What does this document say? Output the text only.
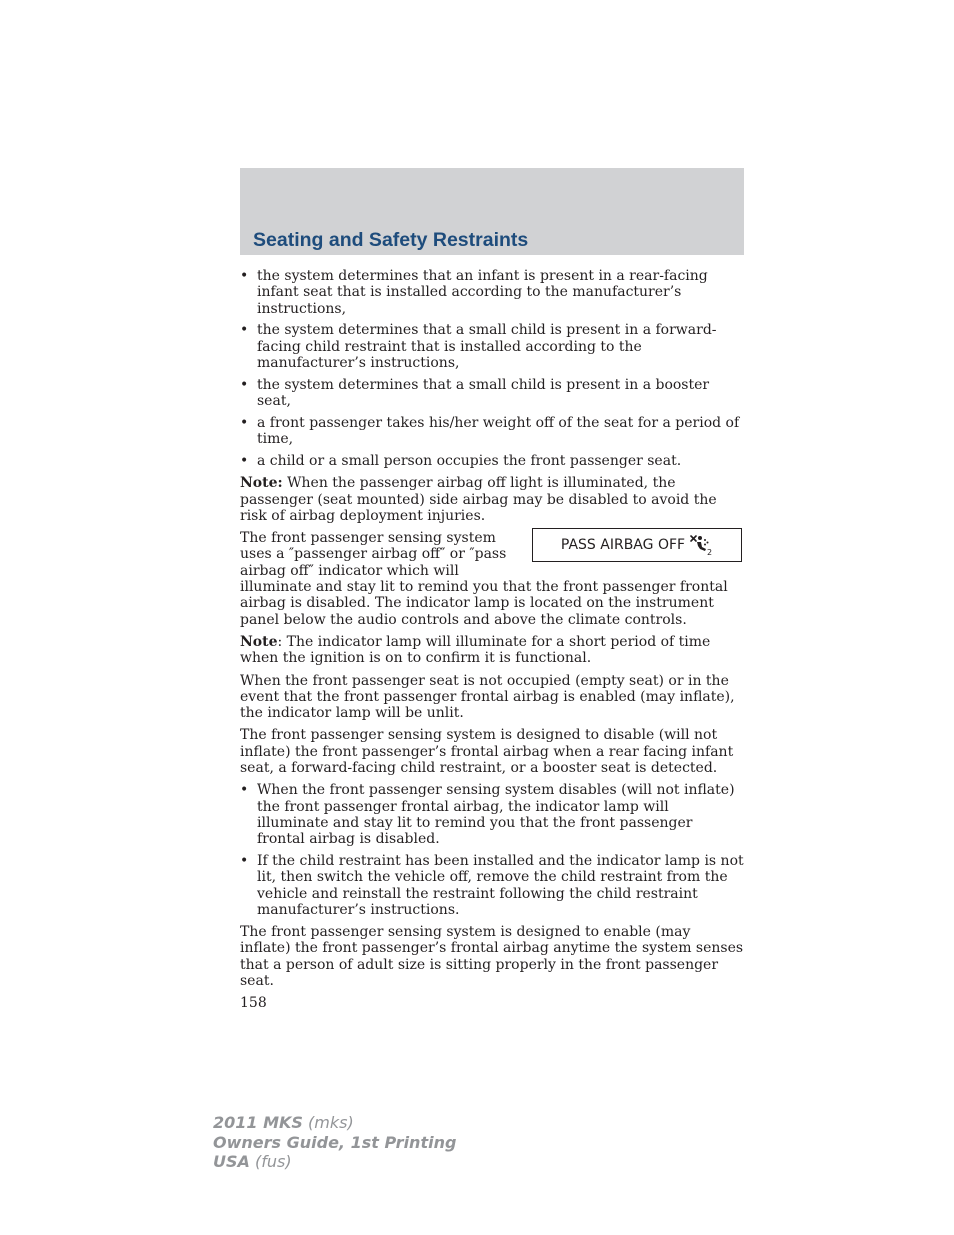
Seating and Safety Restraints
• the system determines that an infant is present in a rear-facing infant seat that is installed according to the manufacturer’s instructions,
• the system determines that a small child is present in a forward-facing child restraint that is installed according to the manufacturer’s instructions,
• the system determines that a small child is present in a booster seat,
• a front passenger takes his/her weight off of the seat for a period of time,
• a child or a small person occupies the front passenger seat.

Note: When the passenger airbag off light is illuminated, the passenger (seat mounted) side airbag may be disabled to avoid the risk of airbag deployment injuries.

PASS AIRBAG OFF	2

The front passenger sensing system uses a ″passenger airbag off″ or ″pass airbag off″ indicator which will illuminate and stay lit to remind you that the front passenger frontal airbag is disabled. The indicator lamp is located on the instrument panel below the audio controls and above the climate controls.

Note: The indicator lamp will illuminate for a short period of time when the ignition is on to confirm it is functional.

When the front passenger seat is not occupied (empty seat) or in the event that the front passenger frontal airbag is enabled (may inflate), the indicator lamp will be unlit.

The front passenger sensing system is designed to disable (will not inflate) the front passenger’s frontal airbag when a rear facing infant seat, a forward-facing child restraint, or a booster seat is detected.

• When the front passenger sensing system disables (will not inflate) the front passenger frontal airbag, the indicator lamp will illuminate and stay lit to remind you that the front passenger frontal airbag is disabled.
• If the child restraint has been installed and the indicator lamp is not lit, then switch the vehicle off, remove the child restraint from the vehicle and reinstall the restraint following the child restraint manufacturer’s instructions.

The front passenger sensing system is designed to enable (may inflate) the front passenger’s frontal airbag anytime the system senses that a person of adult size is sitting properly in the front passenger seat.

158
2011 MKS (mks)
Owners Guide, 1st Printing
USA (fus)
